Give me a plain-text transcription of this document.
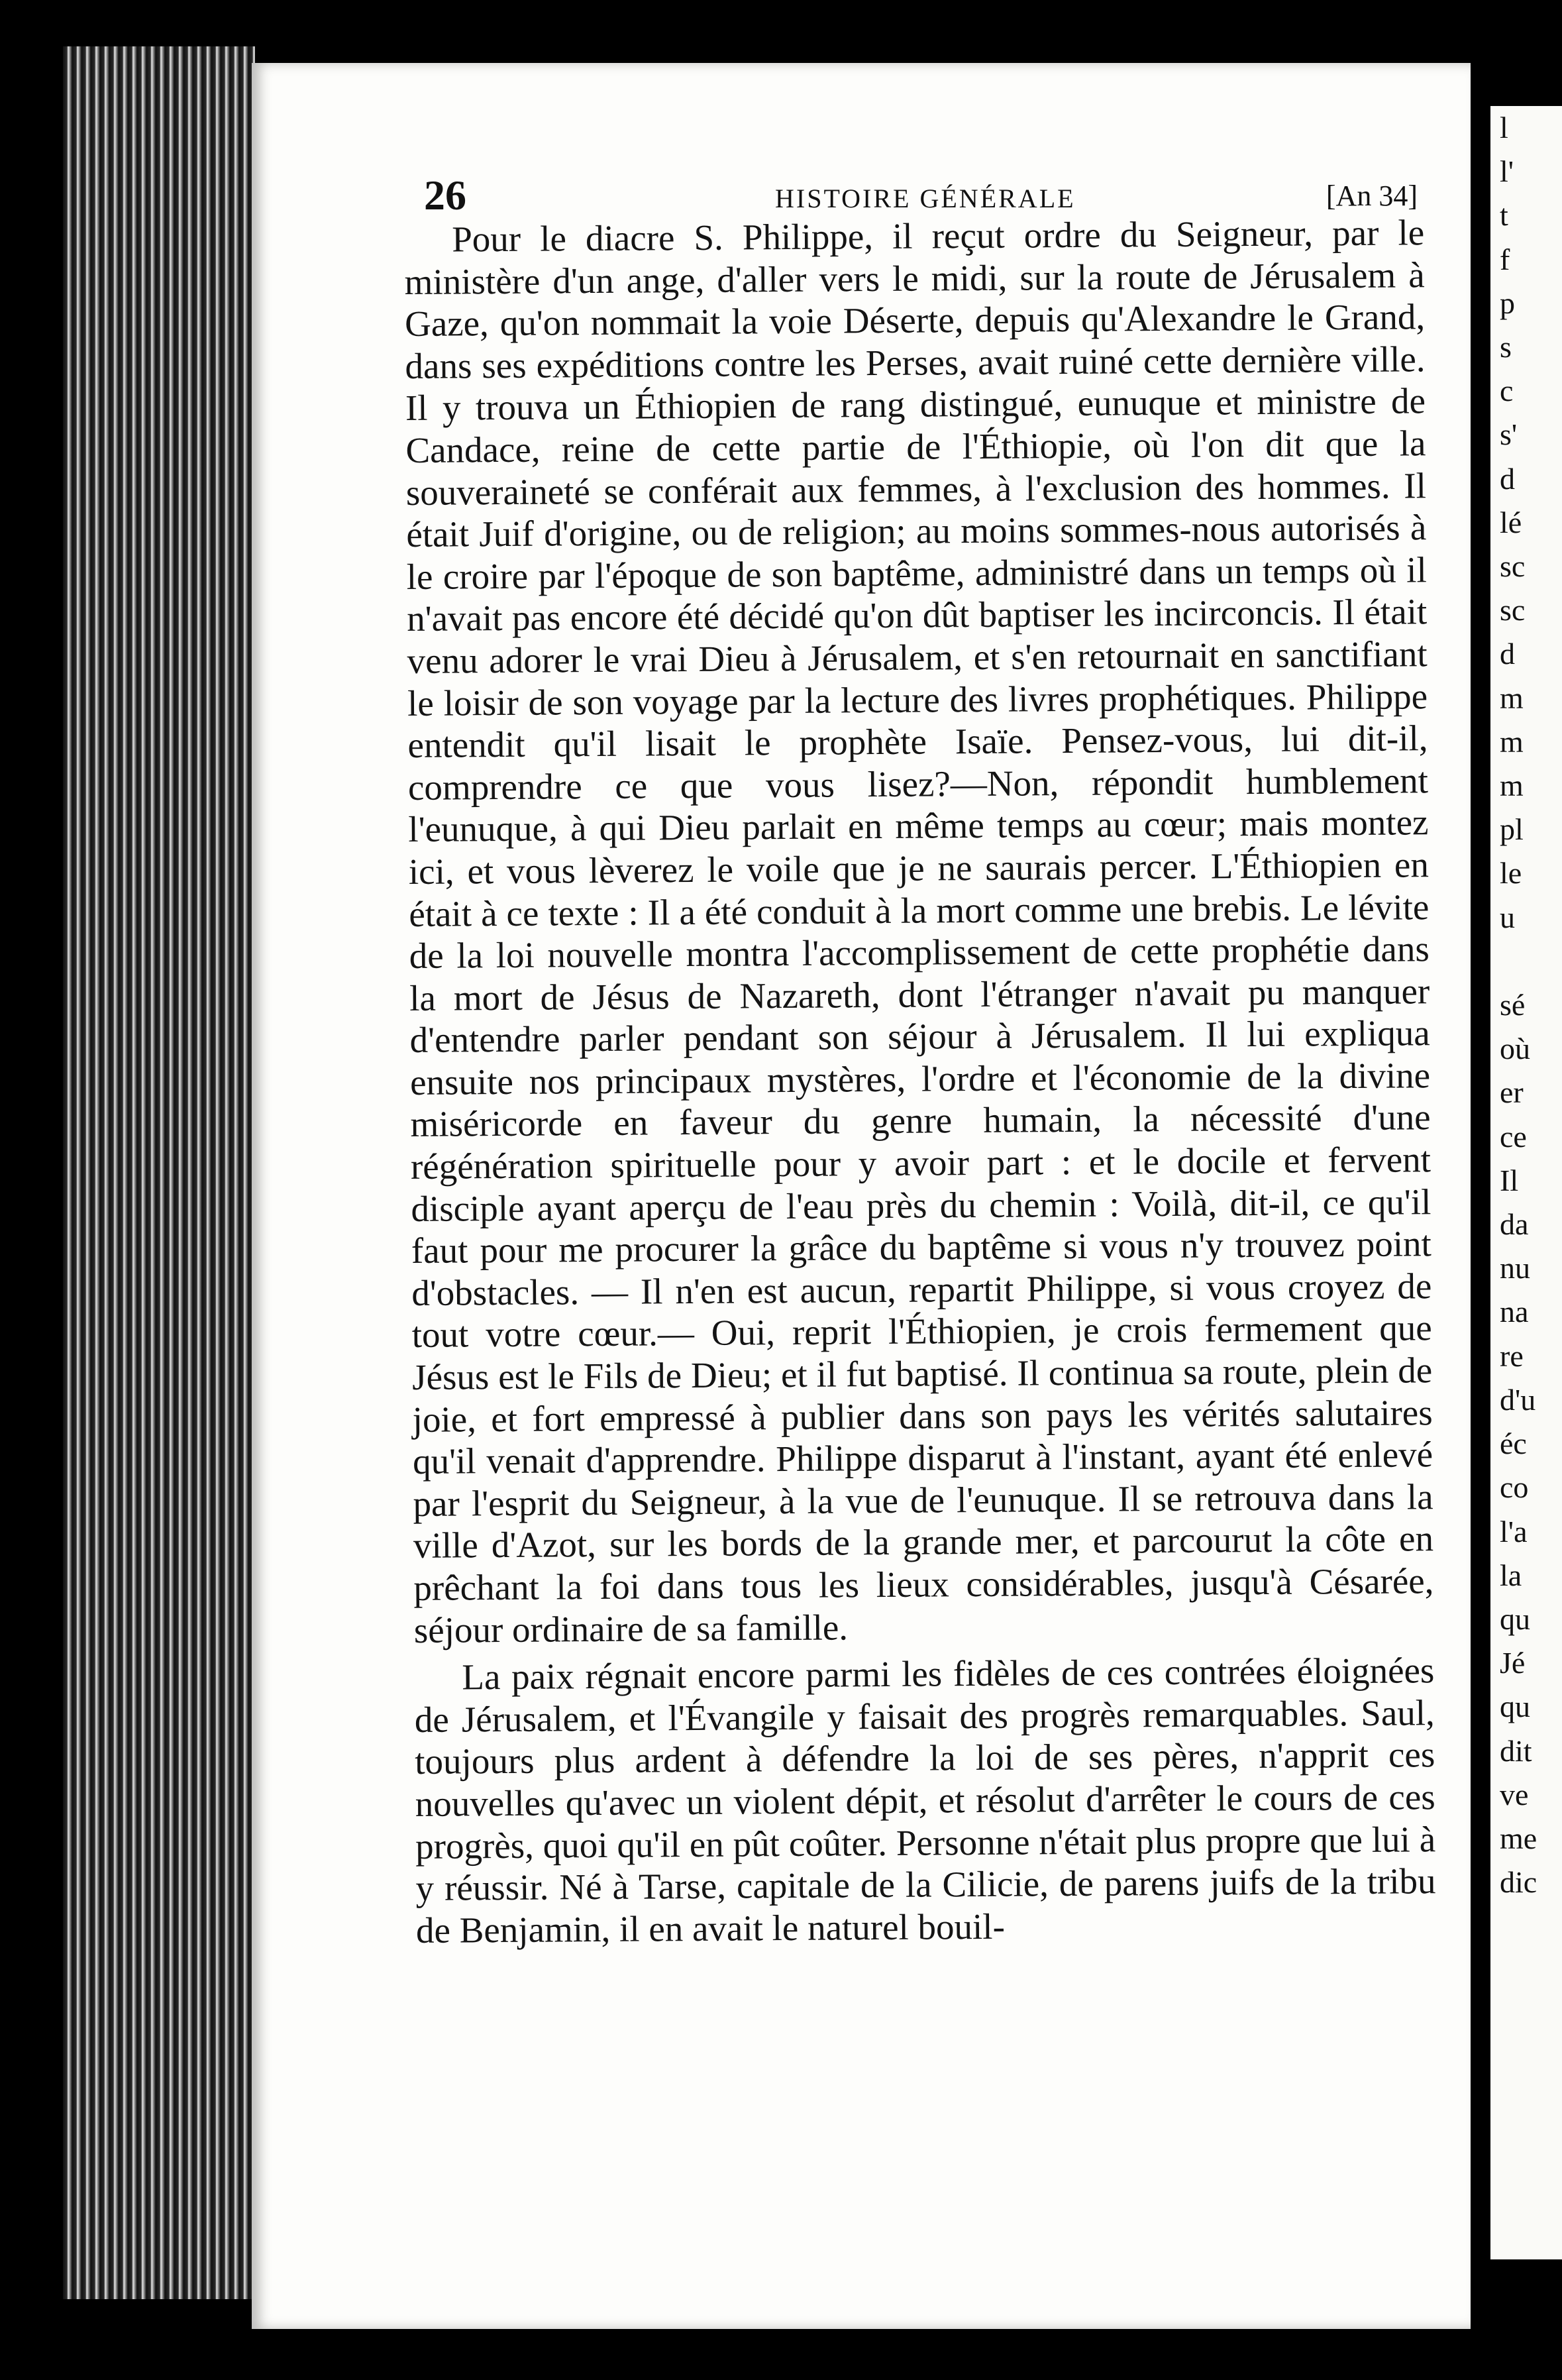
l
l'
t
f
p
s
c
s'
d
lé
sc
sc
d
m
m
m
pl
le
u

sé
où
er
ce
Il
da
nu
na
re
d'u
éc
co
l'a
la
qu
Jé
qu
dit
ve
me
dic
26	HISTOIRE GÉNÉRALE	[An 34]

Pour le diacre S. Philippe, il reçut ordre du Seigneur, par le ministère d'un ange, d'aller vers le midi, sur la route de Jérusalem à Gaze, qu'on nommait la voie Déserte, depuis qu'Alexandre le Grand, dans ses expéditions contre les Perses, avait ruiné cette dernière ville. Il y trouva un Éthiopien de rang distingué, eunuque et ministre de Candace, reine de cette partie de l'Éthiopie, où l'on dit que la souveraineté se conférait aux femmes, à l'exclusion des hommes. Il était Juif d'origine, ou de religion; au moins sommes-nous autorisés à le croire par l'époque de son baptême, administré dans un temps où il n'avait pas encore été décidé qu'on dût baptiser les incirconcis. Il était venu adorer le vrai Dieu à Jérusalem, et s'en retournait en sanctifiant le loisir de son voyage par la lecture des livres prophétiques. Philippe entendit qu'il lisait le prophète Isaïe. Pensez-vous, lui dit-il, comprendre ce que vous lisez?—Non, répondit humblement l'eunuque, à qui Dieu parlait en même temps au cœur; mais montez ici, et vous lèverez le voile que je ne saurais percer. L'Éthiopien en était à ce texte : Il a été conduit à la mort comme une brebis. Le lévite de la loi nouvelle montra l'accomplissement de cette prophétie dans la mort de Jésus de Nazareth, dont l'étranger n'avait pu manquer d'entendre parler pendant son séjour à Jérusalem. Il lui expliqua ensuite nos principaux mystères, l'ordre et l'économie de la divine miséricorde en faveur du genre humain, la nécessité d'une régénération spirituelle pour y avoir part : et le docile et fervent disciple ayant aperçu de l'eau près du chemin : Voilà, dit-il, ce qu'il faut pour me procurer la grâce du baptême si vous n'y trouvez point d'obstacles. — Il n'en est aucun, repartit Philippe, si vous croyez de tout votre cœur.— Oui, reprit l'Éthiopien, je crois fermement que Jésus est le Fils de Dieu; et il fut baptisé. Il continua sa route, plein de joie, et fort empressé à publier dans son pays les vérités salutaires qu'il venait d'apprendre. Philippe disparut à l'instant, ayant été enlevé par l'esprit du Seigneur, à la vue de l'eunuque. Il se retrouva dans la ville d'Azot, sur les bords de la grande mer, et parcourut la côte en prêchant la foi dans tous les lieux considérables, jusqu'à Césarée, séjour ordinaire de sa famille.

La paix régnait encore parmi les fidèles de ces contrées éloignées de Jérusalem, et l'Évangile y faisait des progrès remarquables. Saul, toujours plus ardent à défendre la loi de ses pères, n'apprit ces nouvelles qu'avec un violent dépit, et résolut d'arrêter le cours de ces progrès, quoi qu'il en pût coûter. Personne n'était plus propre que lui à y réussir. Né à Tarse, capitale de la Cilicie, de parens juifs de la tribu de Benjamin, il en avait le naturel bouil-
